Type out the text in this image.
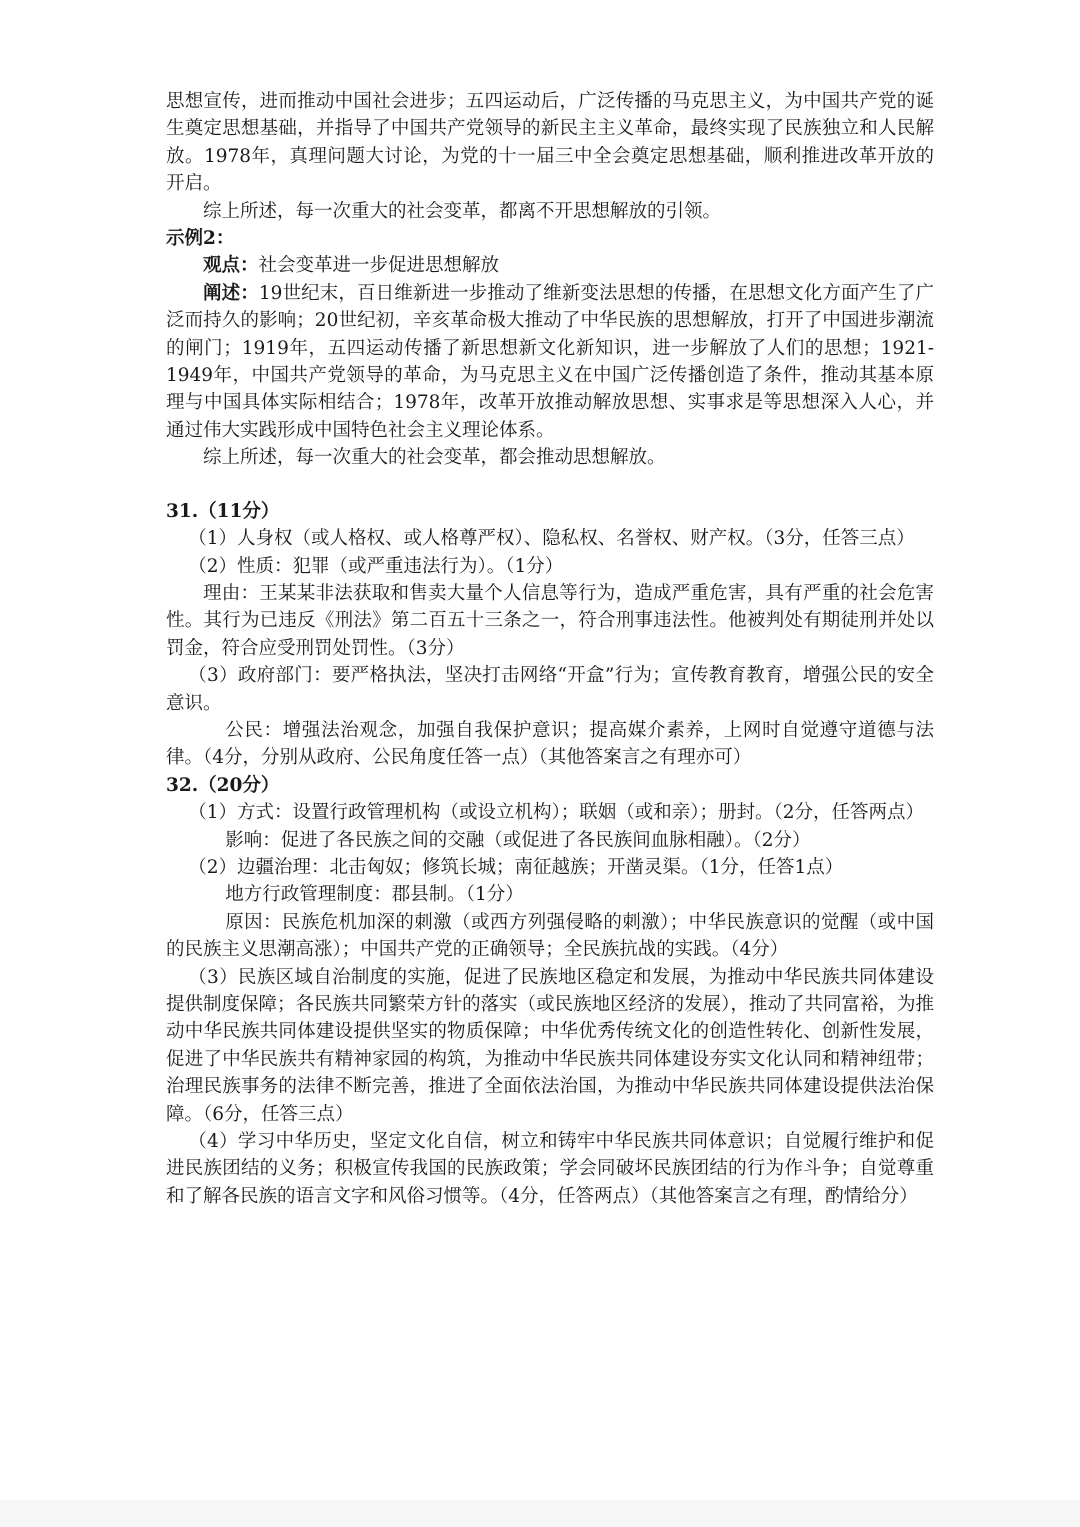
思想宣传，进而推动中国社会进步；五四运动后，广泛传播的马克思主义，为中国共产党的诞生奠定思想基础，并指导了中国共产党领导的新民主主义革命，最终实现了民族独立和人民解放。1978年，真理问题大讨论，为党的十一届三中全会奠定思想基础，顺利推进改革开放的开启。

综上所述，每一次重大的社会变革，都离不开思想解放的引领。

示例2：

观点：社会变革进一步促进思想解放

阐述：19世纪末，百日维新进一步推动了维新变法思想的传播，在思想文化方面产生了广泛而持久的影响；20世纪初，辛亥革命极大推动了中华民族的思想解放，打开了中国进步潮流的闸门；1919年，五四运动传播了新思想新文化新知识，进一步解放了人们的思想；1921-1949年，中国共产党领导的革命，为马克思主义在中国广泛传播创造了条件，推动其基本原理与中国具体实际相结合；1978年，改革开放推动解放思想、实事求是等思想深入人心，并通过伟大实践形成中国特色社会主义理论体系。

综上所述，每一次重大的社会变革，都会推动思想解放。

31.（11分）

（1）人身权（或人格权、或人格尊严权）、隐私权、名誉权、财产权。（3分，任答三点）

（2）性质：犯罪（或严重违法行为）。（1分）

理由：王某某非法获取和售卖大量个人信息等行为，造成严重危害，具有严重的社会危害性。其行为已违反《刑法》第二百五十三条之一，符合刑事违法性。他被判处有期徒刑并处以罚金，符合应受刑罚处罚性。（3分）

（3）政府部门：要严格执法，坚决打击网络“开盒”行为；宣传教育教育，增强公民的安全意识。

公民：增强法治观念，加强自我保护意识；提高媒介素养，上网时自觉遵守道德与法律。（4分，分别从政府、公民角度任答一点）（其他答案言之有理亦可）

32.（20分）

（1）方式：设置行政管理机构（或设立机构）；联姻（或和亲）；册封。（2分，任答两点）

影响：促进了各民族之间的交融（或促进了各民族间血脉相融）。（2分）

（2）边疆治理：北击匈奴；修筑长城；南征越族；开凿灵渠。（1分，任答1点）

地方行政管理制度：郡县制。（1分）

原因：民族危机加深的刺激（或西方列强侵略的刺激）；中华民族意识的觉醒（或中国的民族主义思潮高涨）；中国共产党的正确领导；全民族抗战的实践。（4分）

（3）民族区域自治制度的实施，促进了民族地区稳定和发展，为推动中华民族共同体建设提供制度保障；各民族共同繁荣方针的落实（或民族地区经济的发展），推动了共同富裕，为推动中华民族共同体建设提供坚实的物质保障；中华优秀传统文化的创造性转化、创新性发展，促进了中华民族共有精神家园的构筑，为推动中华民族共同体建设夯实文化认同和精神纽带；治理民族事务的法律不断完善，推进了全面依法治国，为推动中华民族共同体建设提供法治保障。（6分，任答三点）

（4）学习中华历史，坚定文化自信，树立和铸牢中华民族共同体意识；自觉履行维护和促进民族团结的义务；积极宣传我国的民族政策；学会同破坏民族团结的行为作斗争；自觉尊重和了解各民族的语言文字和风俗习惯等。（4分，任答两点）（其他答案言之有理，酌情给分）
